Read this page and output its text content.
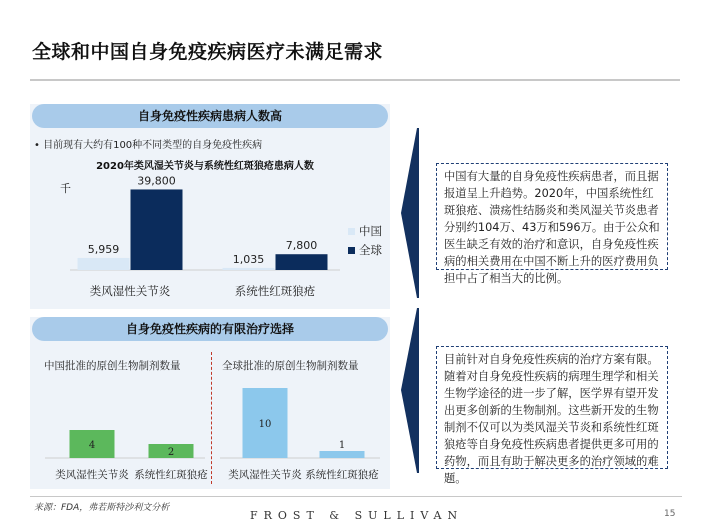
全球和中国自身免疫疾病医疗未满足需求
自身免疫性疾病患病人数高
• 目前现有大约有100种不同类型的自身免疫性疾病
2020年类风湿关节炎与系统性红斑狼疮患病人数
千
5,959
39,800
1,035
7,800
类风湿性关节炎	系统性红斑狼疮
中国
全球
自身免疫性疾病的有限治疗选择
中国批准的原创生物制剂数量
4
2
类风湿性关节炎 系统性红斑狼疮
全球批准的原创生物制剂数量
10
1
类风湿性关节炎 系统性红斑狼疮
中国有大量的自身免疫性疾病患者，而且据报道呈上升趋势。2020年，中国系统性红斑狼疮、溃疡性结肠炎和类风湿关节炎患者分别约104万、43万和596万。由于公众和医生缺乏有效的治疗和意识，自身免疫性疾病的相关费用在中国不断上升的医疗费用负担中占了相当大的比例。
目前针对自身免疫性疾病的治疗方案有限。随着对自身免疫性疾病的病理生理学和相关生物学途径的进一步了解，医学界有望开发出更多创新的生物制剂。这些新开发的生物制剂不仅可以为类风湿关节炎和系统性红斑狼疮等自身免疫性疾病患者提供更多可用的药物，而且有助于解决更多的治疗领域的难题。
来源：FDA，弗若斯特沙利文分析
FROST & SULLIVAN	15
